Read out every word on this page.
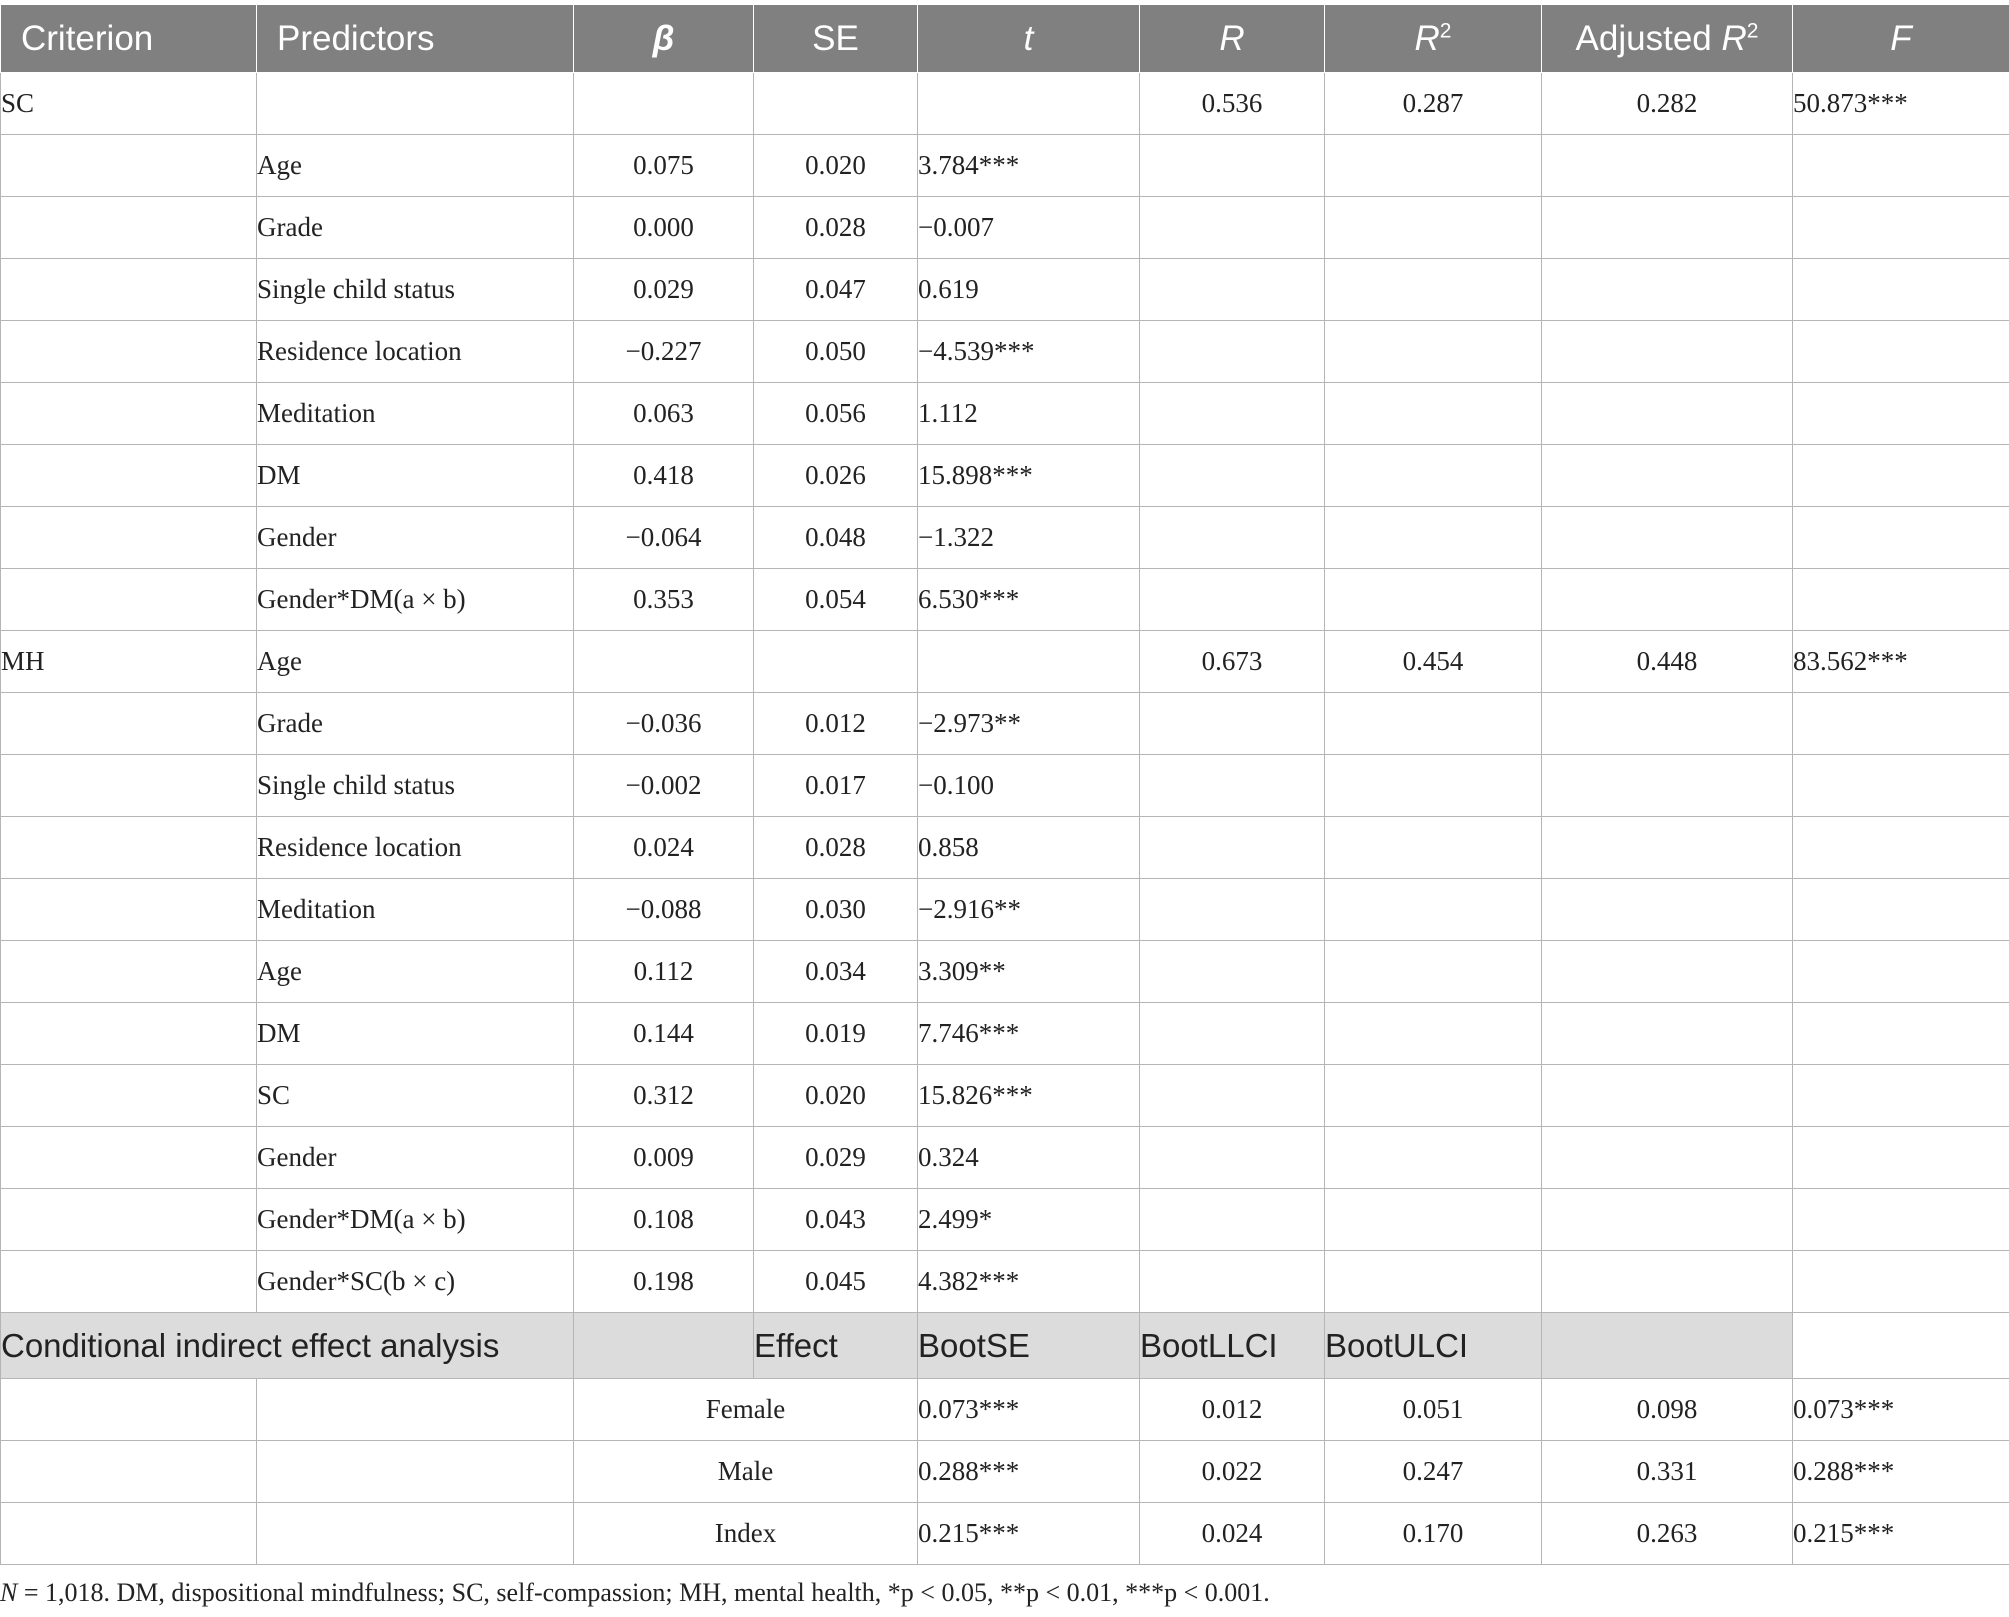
Criterion	Predictors	β	SE	t	R	$R^2$	Adjusted $R^2$	F
SC					0.536	0.287	0.282	50.873***
	Age	0.075	0.020	3.784***				
	Grade	0.000	0.028	−0.007				
	Single child status	0.029	0.047	0.619				
	Residence location	−0.227	0.050	−4.539***				
	Meditation	0.063	0.056	1.112				
	DM	0.418	0.026	15.898***				
	Gender	−0.064	0.048	−1.322				
	Gender*DM(a × b)	0.353	0.054	6.530***				
MH	Age				0.673	0.454	0.448	83.562***
	Grade	−0.036	0.012	−2.973**				
	Single child status	−0.002	0.017	−0.100				
	Residence location	0.024	0.028	0.858				
	Meditation	−0.088	0.030	−2.916**				
	Age	0.112	0.034	3.309**				
	DM	0.144	0.019	7.746***				
	SC	0.312	0.020	15.826***				
	Gender	0.009	0.029	0.324				
	Gender*DM(a × b)	0.108	0.043	2.499*				
	Gender*SC(b × c)	0.198	0.045	4.382***				
Conditional indirect effect analysis			Effect	BootSE	BootLLCI	BootULCI		
		Female		0.073***	0.012	0.051	0.098	0.073***
		Male		0.288***	0.022	0.247	0.331	0.288***
		Index		0.215***	0.024	0.170	0.263	0.215***
N = 1,018. DM, dispositional mindfulness; SC, self-compassion; MH, mental health, *p < 0.05, **p < 0.01, ***p < 0.001.
